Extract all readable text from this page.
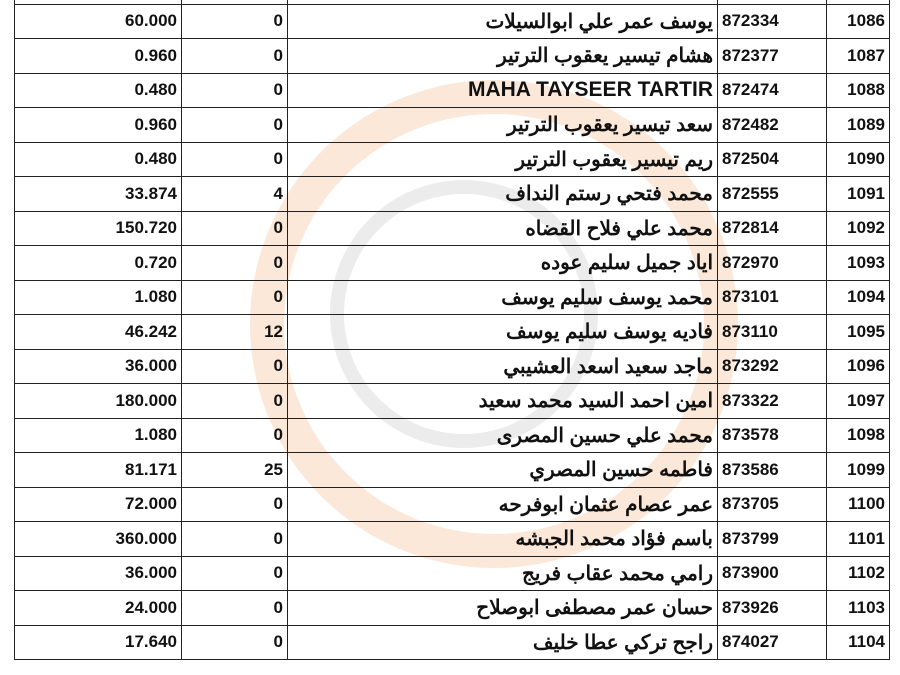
60.000	0	يوسف عمر علي ابوالسيلات	872334	1086
0.960	0	هشام تيسير يعقوب الترتير	872377	1087
0.480	0	MAHA TAYSEER TARTIR	872474	1088
0.960	0	سعد تيسير يعقوب الترتير	872482	1089
0.480	0	ريم تيسير يعقوب الترتير	872504	1090
33.874	4	محمد فتحي رستم النداف	872555	1091
150.720	0	محمد علي فلاح القضاه	872814	1092
0.720	0	اياد جميل سليم عوده	872970	1093
1.080	0	محمد يوسف سليم يوسف	873101	1094
46.242	12	فاديه يوسف سليم يوسف	873110	1095
36.000	0	ماجد سعيد اسعد العشيبي	873292	1096
180.000	0	امين احمد السيد محمد سعيد	873322	1097
1.080	0	محمد علي حسين المصرى	873578	1098
81.171	25	فاطمه حسين المصري	873586	1099
72.000	0	عمر عصام عثمان ابوفرحه	873705	1100
360.000	0	باسم فؤاد محمد الجبشه	873799	1101
36.000	0	رامي محمد عقاب فريج	873900	1102
24.000	0	حسان عمر مصطفى ابوصلاح	873926	1103
17.640	0	راجح تركي عطا خليف	874027	1104
